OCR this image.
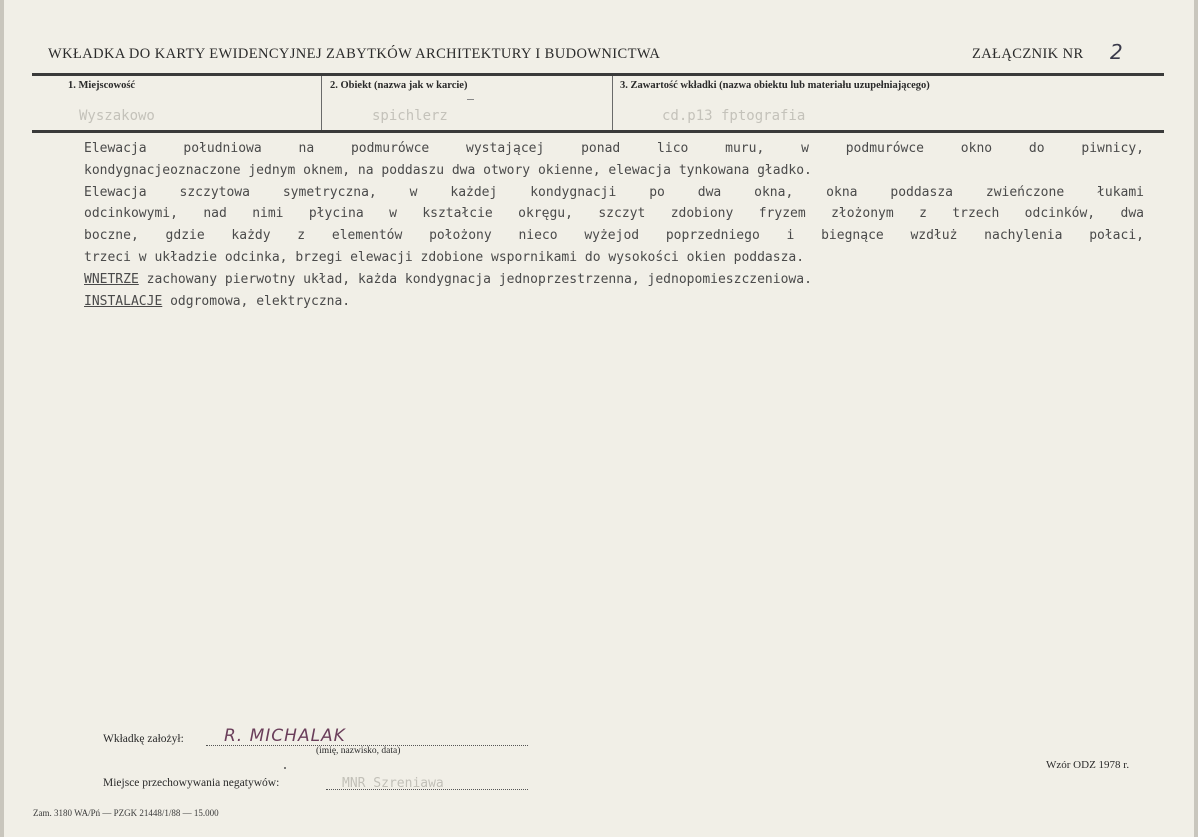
WKŁADKA DO KARTY EWIDENCYJNEJ ZABYTKÓW ARCHITEKTURY I BUDOWNICTWA	ZAŁĄCZNIK NR 2
1. Miejscowość	2. Obiekt (nazwa jak w karcie)	3. Zawartość wkładki (nazwa obiektu lub materiału uzupełniającego)
Wyszakowo	spichlerz	cd.p13 fptografia
Elewacja południowa na podmurówce wystającej ponad lico muru, w podmurówce okno do piwnicy,
kondygnacjeoznaczone jednym oknem, na poddaszu dwa otwory okienne, elewacja tynkowana gładko.
Elewacja szczytowa symetryczna, w każdej kondygnacji po dwa okna, okna poddasza zwieńczone łukami
odcinkowymi, nad nimi płycina w kształcie okręgu, szczyt zdobiony fryzem złożonym z trzech odcinków, dwa
boczne, gdzie każdy z elementów położony nieco wyżejod poprzedniego i biegnące wzdłuż nachylenia połaci,
trzeci w układzie odcinka, brzegi elewacji zdobione wspornikami do wysokości okien poddasza.
WNETRZE zachowany pierwotny układ, każda kondygnacja jednoprzestrzenna, jednopomieszczeniowa.
INSTALACJE odgromowa, elektryczna.
Wkładkę założył: R. MICHALAK
(imię, nazwisko, data)
Miejsce przechowywania negatywów:	MNR Szreniawa
Wzór ODZ 1978 r.
Zam. 3180 WA/Pń — PZGK 21448/1/88 — 15.000
